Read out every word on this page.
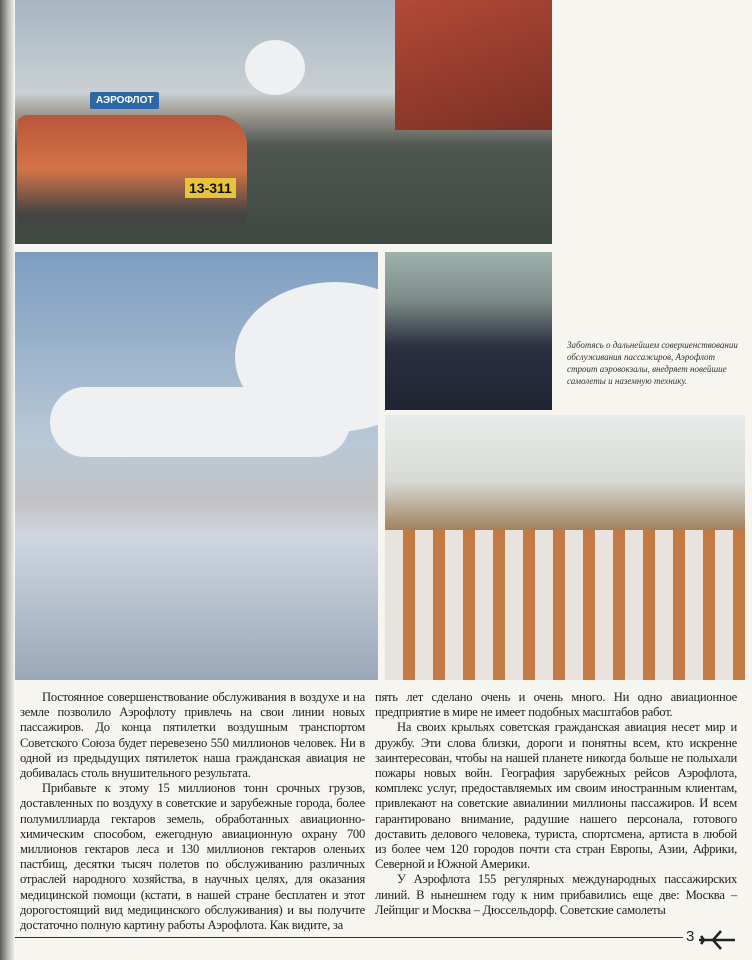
АЭРОФЛОТ
13-311
Заботясь о дальнейшем совершенствовании обслуживания пассажиров, Аэрофлот строит аэровокзалы, внедряет новейшие самолеты и наземную технику.

Постоянное совершенствование обслуживания в воздухе и на земле позволило Аэрофлоту привлечь на свои линии новых пассажиров. До конца пятилетки воздушным транспортом Советского Союза будет перевезено 550 миллионов человек. Ни в одной из предыдущих пятилеток наша гражданская авиация не добивалась столь внушительного результата.

Прибавьте к этому 15 миллионов тонн срочных грузов, доставленных по воздуху в советские и зарубежные города, более полумиллиарда гектаров земель, обработанных авиационно-химическим способом, ежегодную авиационную охрану 700 миллионов гектаров леса и 130 миллионов гектаров оленьих пастбищ, десятки тысяч полетов по обслуживанию различных отраслей народного хозяйства, в научных целях, для оказания медицинской помощи (кстати, в нашей стране бесплатен и этот дорогостоящий вид медицинского обслуживания) и вы получите достаточно полную картину работы Аэрофлота. Как видите, за

пять лет сделано очень и очень много. Ни одно авиационное предприятие в мире не имеет подобных масштабов работ.

На своих крыльях советская гражданская авиация несет мир и дружбу. Эти слова близки, дороги и понятны всем, кто искренне заинтересован, чтобы на нашей планете никогда больше не полыхали пожары новых войн. География зарубежных рейсов Аэрофлота, комплекс услуг, предоставляемых им своим иностранным клиентам, привлекают на советские авиалинии миллионы пассажиров. И всем гарантировано внимание, радушие нашего персонала, готового доставить делового человека, туриста, спортсмена, артиста в любой из более чем 120 городов почти ста стран Европы, Азии, Африки, Северной и Южной Америки.

У Аэрофлота 155 регулярных международных пассажирских линий. В нынешнем году к ним прибавились еще две: Москва – Лейпциг и Москва – Дюссельдорф. Советские самолеты

3
